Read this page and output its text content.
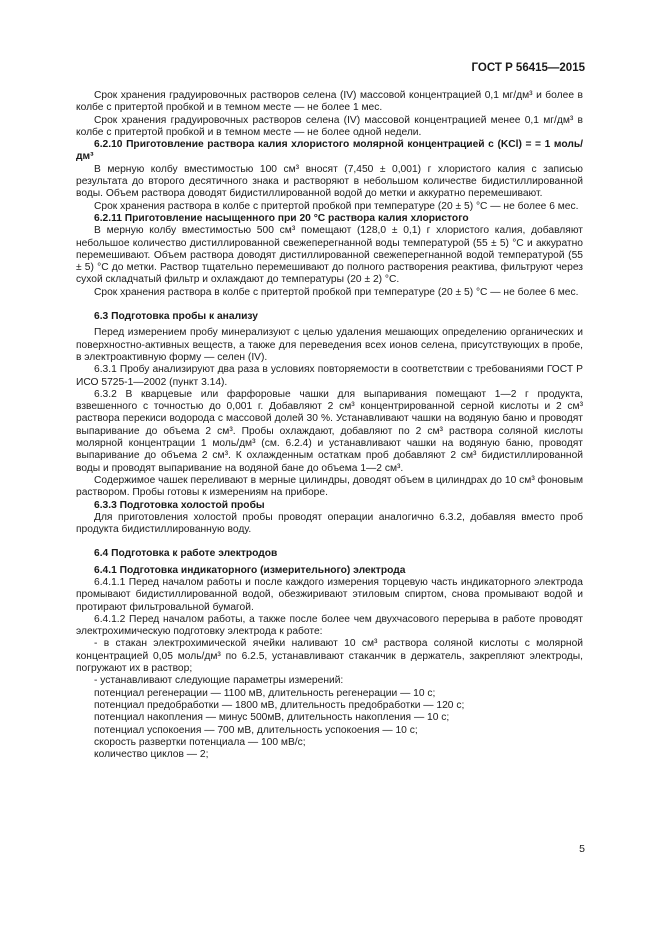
ГОСТ Р 56415—2015

Срок хранения градуировочных растворов селена (IV) массовой концентрацией 0,1 мг/дм³ и более в колбе с притертой пробкой и в темном месте — не более 1 мес.

Срок хранения градуировочных растворов селена (IV) массовой концентрацией менее 0,1 мг/дм³ в колбе с притертой пробкой и в темном месте — не более одной недели.

6.2.10 Приготовление раствора калия хлористого молярной концентрацией c (KCl) = = 1 моль/дм³

В мерную колбу вместимостью 100 см³ вносят (7,450 ± 0,001) г хлористого калия с записью результата до второго десятичного знака и растворяют в небольшом количестве бидистиллированной воды. Объем раствора доводят бидистиллированной водой до метки и аккуратно перемешивают.

Срок хранения раствора в колбе с притертой пробкой при температуре (20 ± 5) °С — не более 6 мес.

6.2.11 Приготовление насыщенного при 20 °С раствора калия хлористого

В мерную колбу вместимостью 500 см³ помещают (128,0 ± 0,1) г хлористого калия, добавляют небольшое количество дистиллированной свежеперегнанной воды температурой (55 ± 5) °С и аккуратно перемешивают. Объем раствора доводят дистиллированной свежеперегнанной водой температурой (55 ± 5) °С до метки. Раствор тщательно перемешивают до полного растворения реактива, фильтруют через сухой складчатый фильтр и охлаждают до температуры (20 ± 2) °С.

Срок хранения раствора в колбе с притертой пробкой при температуре (20 ± 5) °С — не более 6 мес.

6.3 Подготовка пробы к анализу

Перед измерением пробу минерализуют с целью удаления мешающих определению органических и поверхностно-активных веществ, а также для переведения всех ионов селена, присутствующих в пробе, в электроактивную форму — селен (IV).

6.3.1 Пробу анализируют два раза в условиях повторяемости в соответствии с требованиями ГОСТ Р ИСО 5725-1—2002 (пункт 3.14).

6.3.2 В кварцевые или фарфоровые чашки для выпаривания помещают 1—2 г продукта, взвешенного с точностью до 0,001 г. Добавляют 2 см³ концентрированной серной кислоты и 2 см³ раствора перекиси водорода с массовой долей 30 %. Устанавливают чашки на водяную баню и проводят выпаривание до объема 2 см³. Пробы охлаждают, добавляют по 2 см³ раствора соляной кислоты молярной концентрации 1 моль/дм³ (см. 6.2.4) и устанавливают чашки на водяную баню, проводят выпаривание до объема 2 см³. К охлажденным остаткам проб добавляют 2 см³ бидистиллированной воды и проводят выпаривание на водяной бане до объема 1—2 см³.

Содержимое чашек переливают в мерные цилиндры, доводят объем в цилиндрах до 10 см³ фоновым раствором. Пробы готовы к измерениям на приборе.

6.3.3 Подготовка холостой пробы

Для приготовления холостой пробы проводят операции аналогично 6.3.2, добавляя вместо проб продукта бидистиллированную воду.

6.4 Подготовка к работе электродов

6.4.1 Подготовка индикаторного (измерительного) электрода

6.4.1.1 Перед началом работы и после каждого измерения торцевую часть индикаторного электрода промывают бидистиллированной водой, обезжиривают этиловым спиртом, снова промывают водой и протирают фильтровальной бумагой.

6.4.1.2 Перед началом работы, а также после более чем двухчасового перерыва в работе проводят электрохимическую подготовку электрода к работе:

- в стакан электрохимической ячейки наливают 10 см³ раствора соляной кислоты с молярной концентрацией 0,05 моль/дм³ по 6.2.5, устанавливают стаканчик в держатель, закрепляют электроды, погружают их в раствор;

- устанавливают следующие параметры измерений:

потенциал регенерации — 1100 мВ, длительность регенерации — 10 с;

потенциал предобработки — 1800 мВ, длительность предобработки — 120 с;

потенциал накопления — минус 500мВ, длительность накопления — 10 с;

потенциал успокоения — 700 мВ, длительность успокоения — 10 с;

скорость развертки потенциала — 100 мВ/с;

количество циклов — 2;

5
